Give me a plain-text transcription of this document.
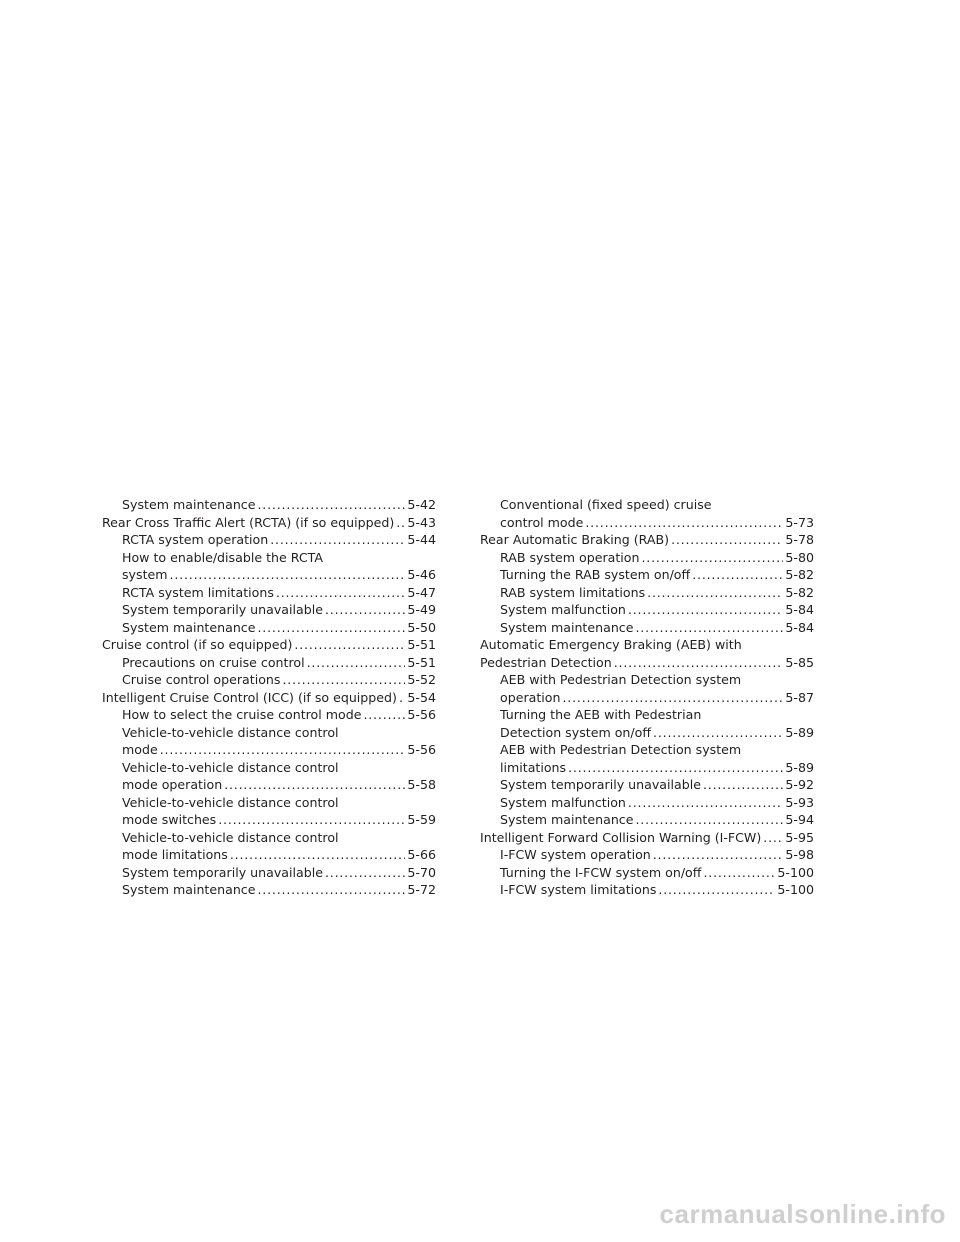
System maintenance . . .	5-42
Rear Cross Traffic Alert (RCTA) (if so equipped) . . . 5-43
RCTA system operation . . .	5-44
How to enable/disable the RCTA
system . . .	5-46
RCTA system limitations . . .	5-47
System temporarily unavailable . . .	5-49
System maintenance . . .	5-50
Cruise control (if so equipped) . . .	5-51
Precautions on cruise control . . .	5-51
Cruise control operations . . .	5-52
Intelligent Cruise Control (ICC) (if so equipped) . . . 5-54
How to select the cruise control mode . . .	5-56
Vehicle-to-vehicle distance control
mode . . .	5-56
Vehicle-to-vehicle distance control
mode operation . . .	5-58
Vehicle-to-vehicle distance control
mode switches . . .	5-59
Vehicle-to-vehicle distance control
mode limitations . . .	5-66
System temporarily unavailable . . .	5-70
System maintenance . . .	5-72
Conventional (fixed speed) cruise
control mode . . .	5-73
Rear Automatic Braking (RAB) . . .	5-78
RAB system operation . . .	5-80
Turning the RAB system on/off . . .	5-82
RAB system limitations . . .	5-82
System malfunction . . .	5-84
System maintenance . . .	5-84
Automatic Emergency Braking (AEB) with
Pedestrian Detection . . .	5-85
AEB with Pedestrian Detection system
operation . . .	5-87
Turning the AEB with Pedestrian
Detection system on/off . . .	5-89
AEB with Pedestrian Detection system
limitations . . .	5-89
System temporarily unavailable . . .	5-92
System malfunction . . .	5-93
System maintenance . . .	5-94
Intelligent Forward Collision Warning (I-FCW) . . . 5-95
I-FCW system operation . . .	5-98
Turning the I-FCW system on/off . . .	5-100
I-FCW system limitations . . .	5-100
carmanualsonline.info
